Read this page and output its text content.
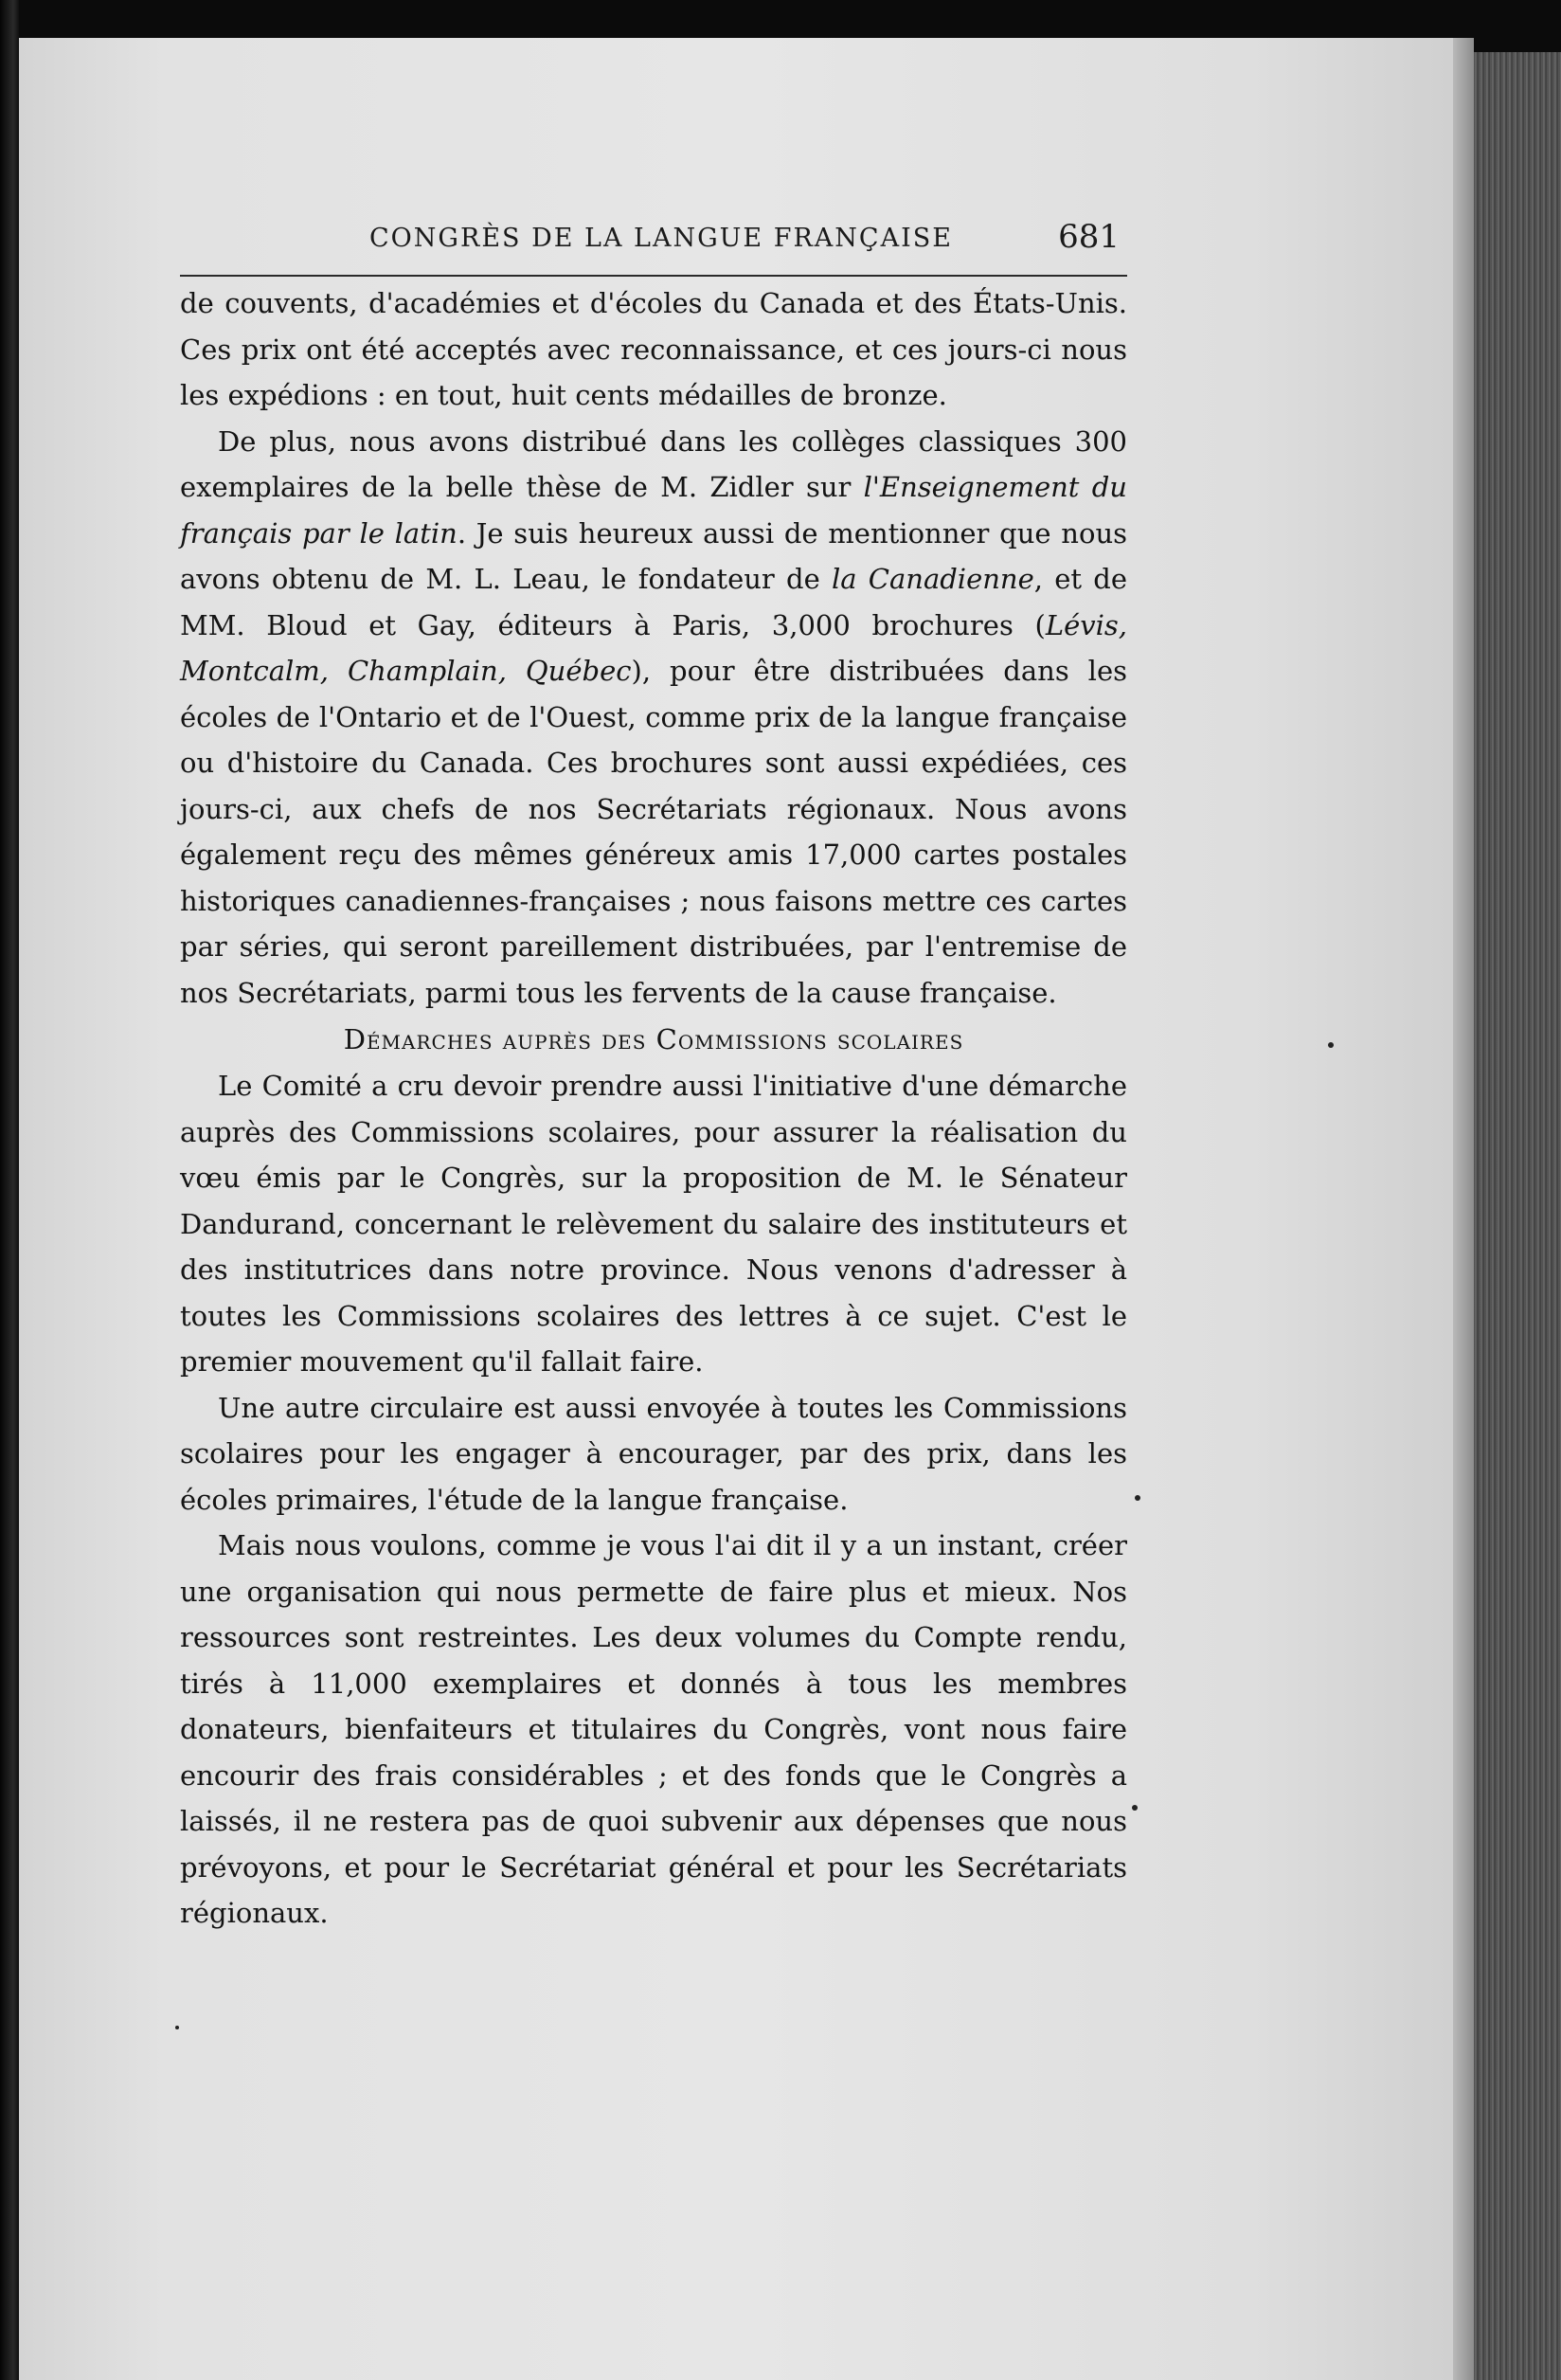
CONGRÈS DE LA LANGUE FRANÇAISE	681

de couvents, d'académies et d'écoles du Canada et des États-Unis. Ces prix ont été acceptés avec reconnaissance, et ces jours-ci nous les expédions : en tout, huit cents médailles de bronze.

De plus, nous avons distribué dans les collèges classiques 300 exemplaires de la belle thèse de M. Zidler sur l'Enseignement du français par le latin. Je suis heureux aussi de mentionner que nous avons obtenu de M. L. Leau, le fondateur de la Canadienne, et de MM. Bloud et Gay, éditeurs à Paris, 3,000 brochures (Lévis, Montcalm, Champlain, Québec), pour être distribuées dans les écoles de l'Ontario et de l'Ouest, comme prix de la langue française ou d'histoire du Canada. Ces brochures sont aussi expédiées, ces jours-ci, aux chefs de nos Secrétariats régionaux. Nous avons également reçu des mêmes généreux amis 17,000 cartes postales historiques canadiennes-françaises ; nous faisons mettre ces cartes par séries, qui seront pareillement distribuées, par l'entremise de nos Secrétariats, parmi tous les fervents de la cause française.

Démarches auprès des Commissions scolaires

Le Comité a cru devoir prendre aussi l'initiative d'une démarche auprès des Commissions scolaires, pour assurer la réalisation du vœu émis par le Congrès, sur la proposition de M. le Sénateur Dandurand, concernant le relèvement du salaire des instituteurs et des institutrices dans notre province. Nous venons d'adresser à toutes les Commissions scolaires des lettres à ce sujet. C'est le premier mouvement qu'il fallait faire.

Une autre circulaire est aussi envoyée à toutes les Commissions scolaires pour les engager à encourager, par des prix, dans les écoles primaires, l'étude de la langue française.

Mais nous voulons, comme je vous l'ai dit il y a un instant, créer une organisation qui nous permette de faire plus et mieux. Nos ressources sont restreintes. Les deux volumes du Compte rendu, tirés à 11,000 exemplaires et donnés à tous les membres donateurs, bienfaiteurs et titulaires du Congrès, vont nous faire encourir des frais considérables ; et des fonds que le Congrès a laissés, il ne restera pas de quoi subvenir aux dépenses que nous prévoyons, et pour le Secrétariat général et pour les Secrétariats régionaux.
